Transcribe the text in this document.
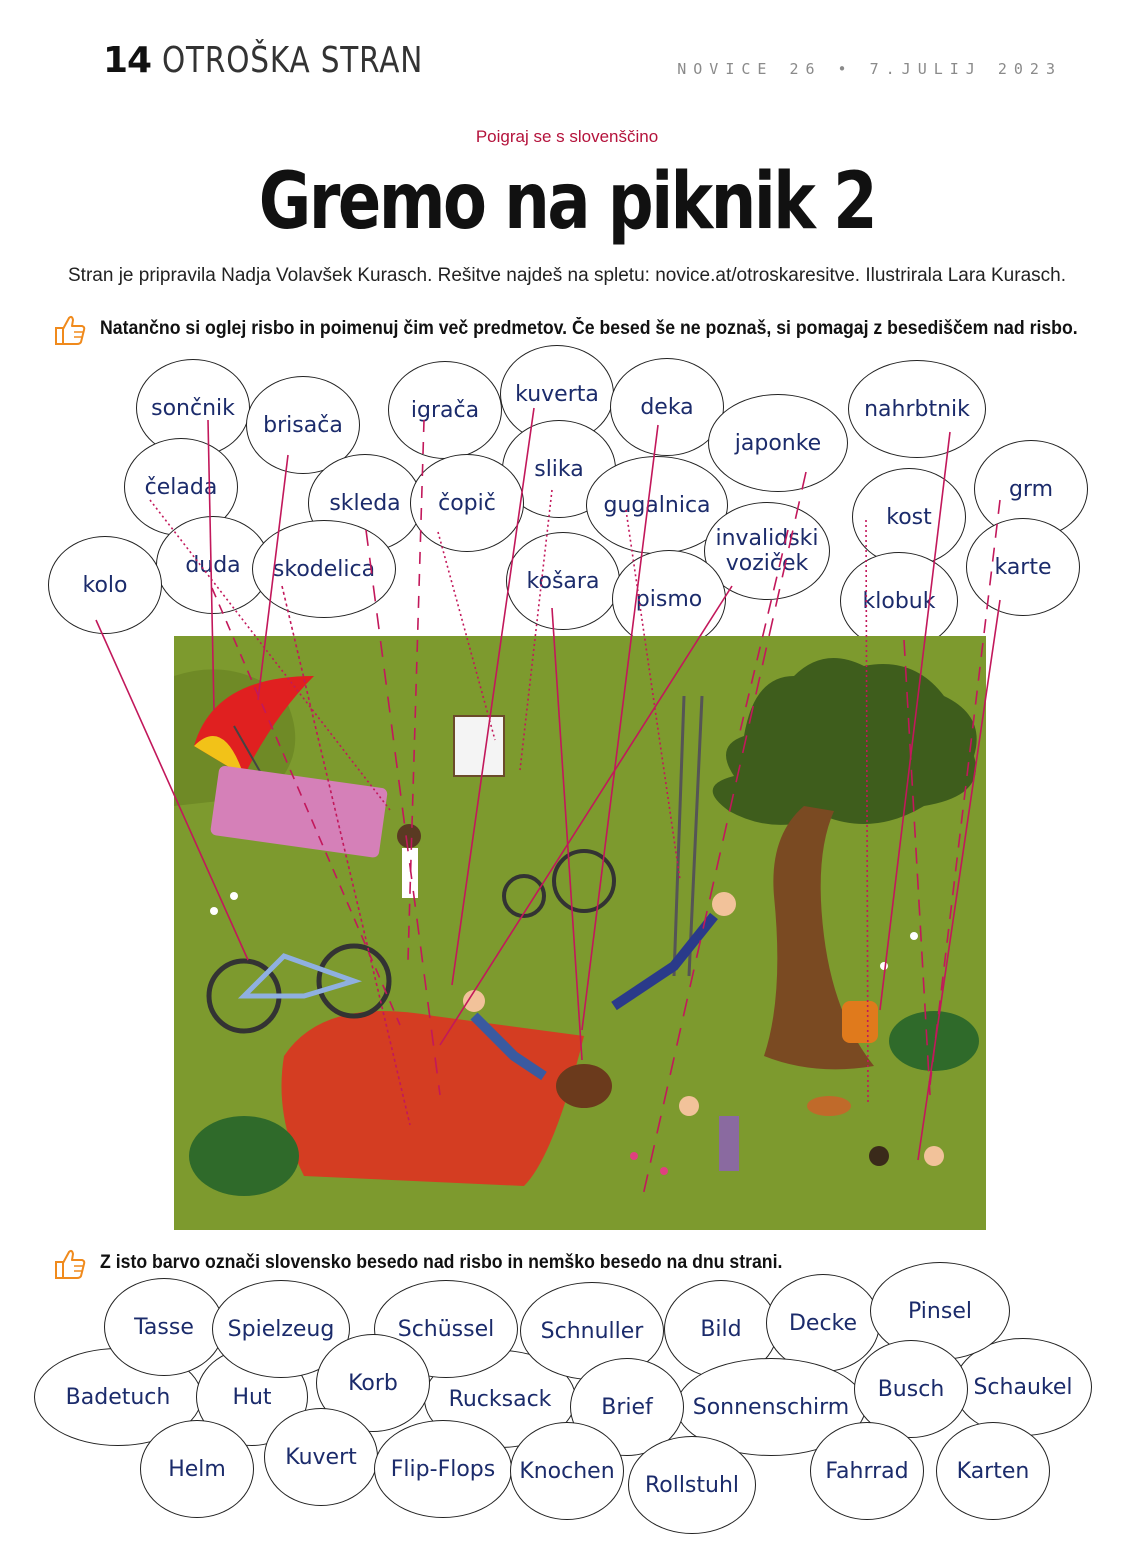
14 OTROŠKA STRAN	NOVICE 26 • 7.JULIJ 2023
Poigraj se s slovenščino
Gremo na piknik 2
Stran je pripravila Nadja Volavšek Kurasch. Rešitve najdeš na spletu: novice.at/otroskaresitve. Ilustrirala Lara Kurasch.
Natančno si oglej risbo in poimenuj čim več predmetov. Če besed še ne poznaš, si pomagaj z besediščem nad risbo.
sončnik	igrača
kuverta
deka	nahrbtnik
brisača
japonke
slika
čelada	grm
skleda čopič	gugalnica	kost
invalidski
voziček
duda skodelica	karte
košara
kolo
pismo	klobuk
Z isto barvo označi slovensko besedo nad risbo in nemško besedo na dnu strani.
Badetuch	Hut	Rucksack	Schaukel
Tasse Spielzeug	Schüssel Schnuller	Bild Decke Pinsel
Korb
Sonnenschirm
Brief
Busch
Helm	Kuvert Flip-Flops Knochen
Rollstuhl
Fahrrad Karten
